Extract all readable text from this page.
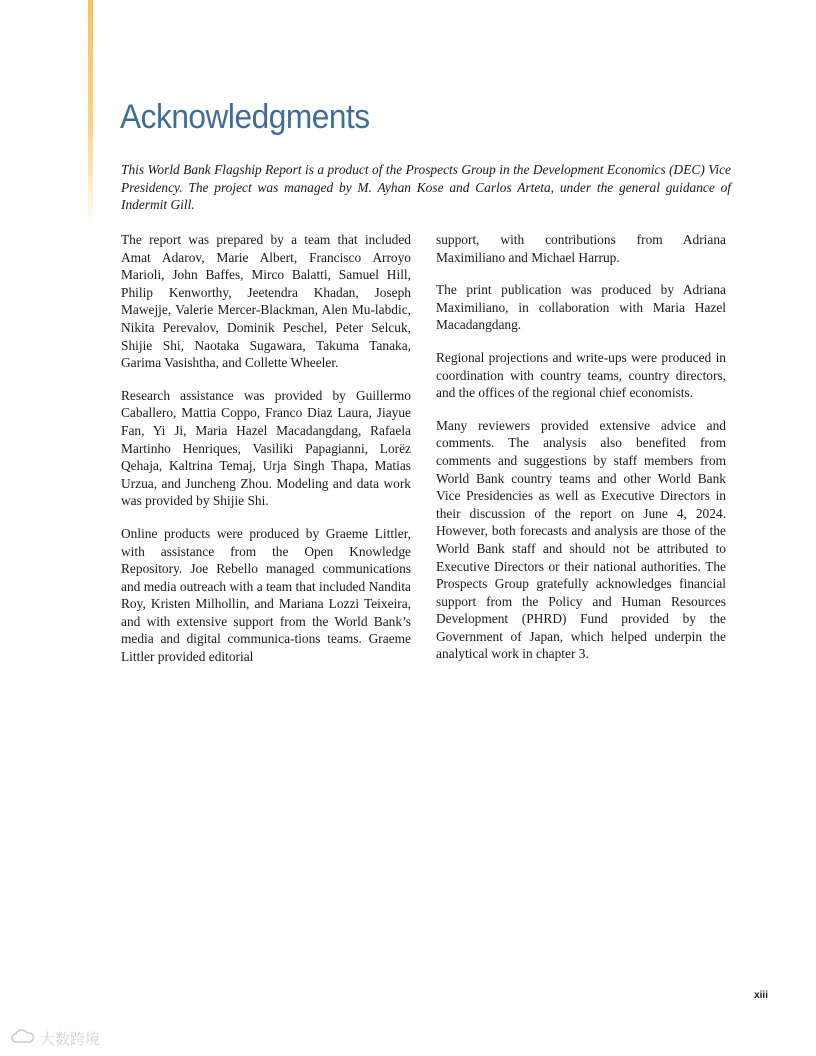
Acknowledgments

This World Bank Flagship Report is a product of the Prospects Group in the Development Economics (DEC) Vice Presidency. The project was managed by M. Ayhan Kose and Carlos Arteta, under the general guidance of Indermit Gill.

The report was prepared by a team that included Amat Adarov, Marie Albert, Francisco Arroyo Marioli, John Baffes, Mirco Balatti, Samuel Hill, Philip Kenworthy, Jeetendra Khadan, Joseph Mawejje, Valerie Mercer-Blackman, Alen Mu-labdic, Nikita Perevalov, Dominik Peschel, Peter Selcuk, Shijie Shi, Naotaka Sugawara, Takuma Tanaka, Garima Vasishtha, and Collette Wheeler.

Research assistance was provided by Guillermo Caballero, Mattia Coppo, Franco Diaz Laura, Jiayue Fan, Yi Ji, Maria Hazel Macadangdang, Rafaela Martinho Henriques, Vasiliki Papagianni, Lorëz Qehaja, Kaltrina Temaj, Urja Singh Thapa, Matias Urzua, and Juncheng Zhou. Modeling and data work was provided by Shijie Shi.

Online products were produced by Graeme Littler, with assistance from the Open Knowledge Repository. Joe Rebello managed communications and media outreach with a team that included Nandita Roy, Kristen Milhollin, and Mariana Lozzi Teixeira, and with extensive support from the World Bank’s media and digital communica-tions teams. Graeme Littler provided editorial

support, with contributions from Adriana Maximiliano and Michael Harrup.

The print publication was produced by Adriana Maximiliano, in collaboration with Maria Hazel Macadangdang.

Regional projections and write-ups were produced in coordination with country teams, country directors, and the offices of the regional chief economists.

Many reviewers provided extensive advice and comments. The analysis also benefited from comments and suggestions by staff members from World Bank country teams and other World Bank Vice Presidencies as well as Executive Directors in their discussion of the report on June 4, 2024. However, both forecasts and analysis are those of the World Bank staff and should not be attributed to Executive Directors or their national authorities. The Prospects Group gratefully acknowledges financial support from the Policy and Human Resources Development (PHRD) Fund provided by the Government of Japan, which helped underpin the analytical work in chapter 3.

xiii
大数跨境
